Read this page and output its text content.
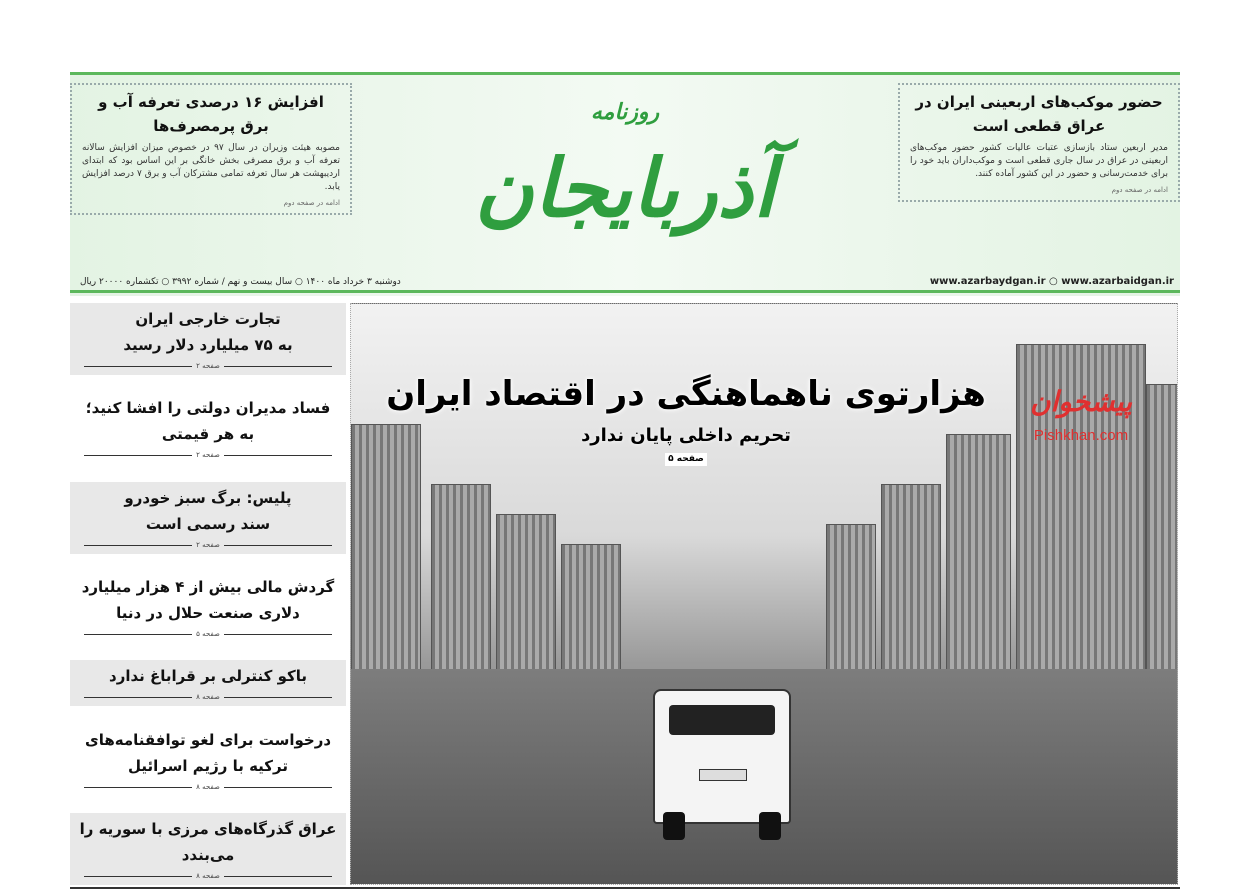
افزایش ۱۶ درصدی تعرفه آب و برق پرمصرف‌ها

مصوبه هیئت وزیران در سال ۹۷ در خصوص میزان افزایش سالانه تعرفه آب و برق مصرفی بخش خانگی بر این اساس بود که ابتدای اردیبهشت هر سال تعرفه تمامی مشترکان آب و برق ۷ درصد افزایش یابد.

ادامه در صفحه دوم
روزنامه
آذربایجان
حضور موکب‌های اربعینی ایران در عراق قطعی است

مدیر اربعین ستاد بازسازی عتبات عالیات کشور حضور موکب‌های اربعینی در عراق در سال جاری قطعی است و موکب‌داران باید خود را برای خدمت‌رسانی و حضور در این کشور آماده کنند.

ادامه در صفحه دوم
دوشنبه ۳ خرداد ماه ۱۴۰۰ ○ سال بیست و نهم / شماره ۳۹۹۲ ○ تکشماره ۲۰۰۰۰ ریال	www.azarbaydgan.ir ○ www.azarbaidgan.ir
تجارت خارجی ایران
به ۷۵ میلیارد دلار رسید
صفحه ۲
فساد مدیران دولتی را افشا کنید؛
به هر قیمتی
صفحه ۲
پلیس: برگ سبز خودرو
سند رسمی است
صفحه ۲
گردش مالی بیش از ۴ هزار میلیارد
دلاری صنعت حلال در دنیا
صفحه ۵
باکو کنترلی بر قراباغ ندارد
صفحه ۸
درخواست برای لغو توافقنامه‌های
ترکیه با رژیم اسرائیل
صفحه ۸
عراق گذرگاه‌های مرزی با سوریه را
می‌بندد
صفحه ۸
هزارتوی ناهماهنگی در اقتصاد ایران
تحریم داخلی پایان ندارد
صفحه ۵
پیشخوان
Pishkhan.com
